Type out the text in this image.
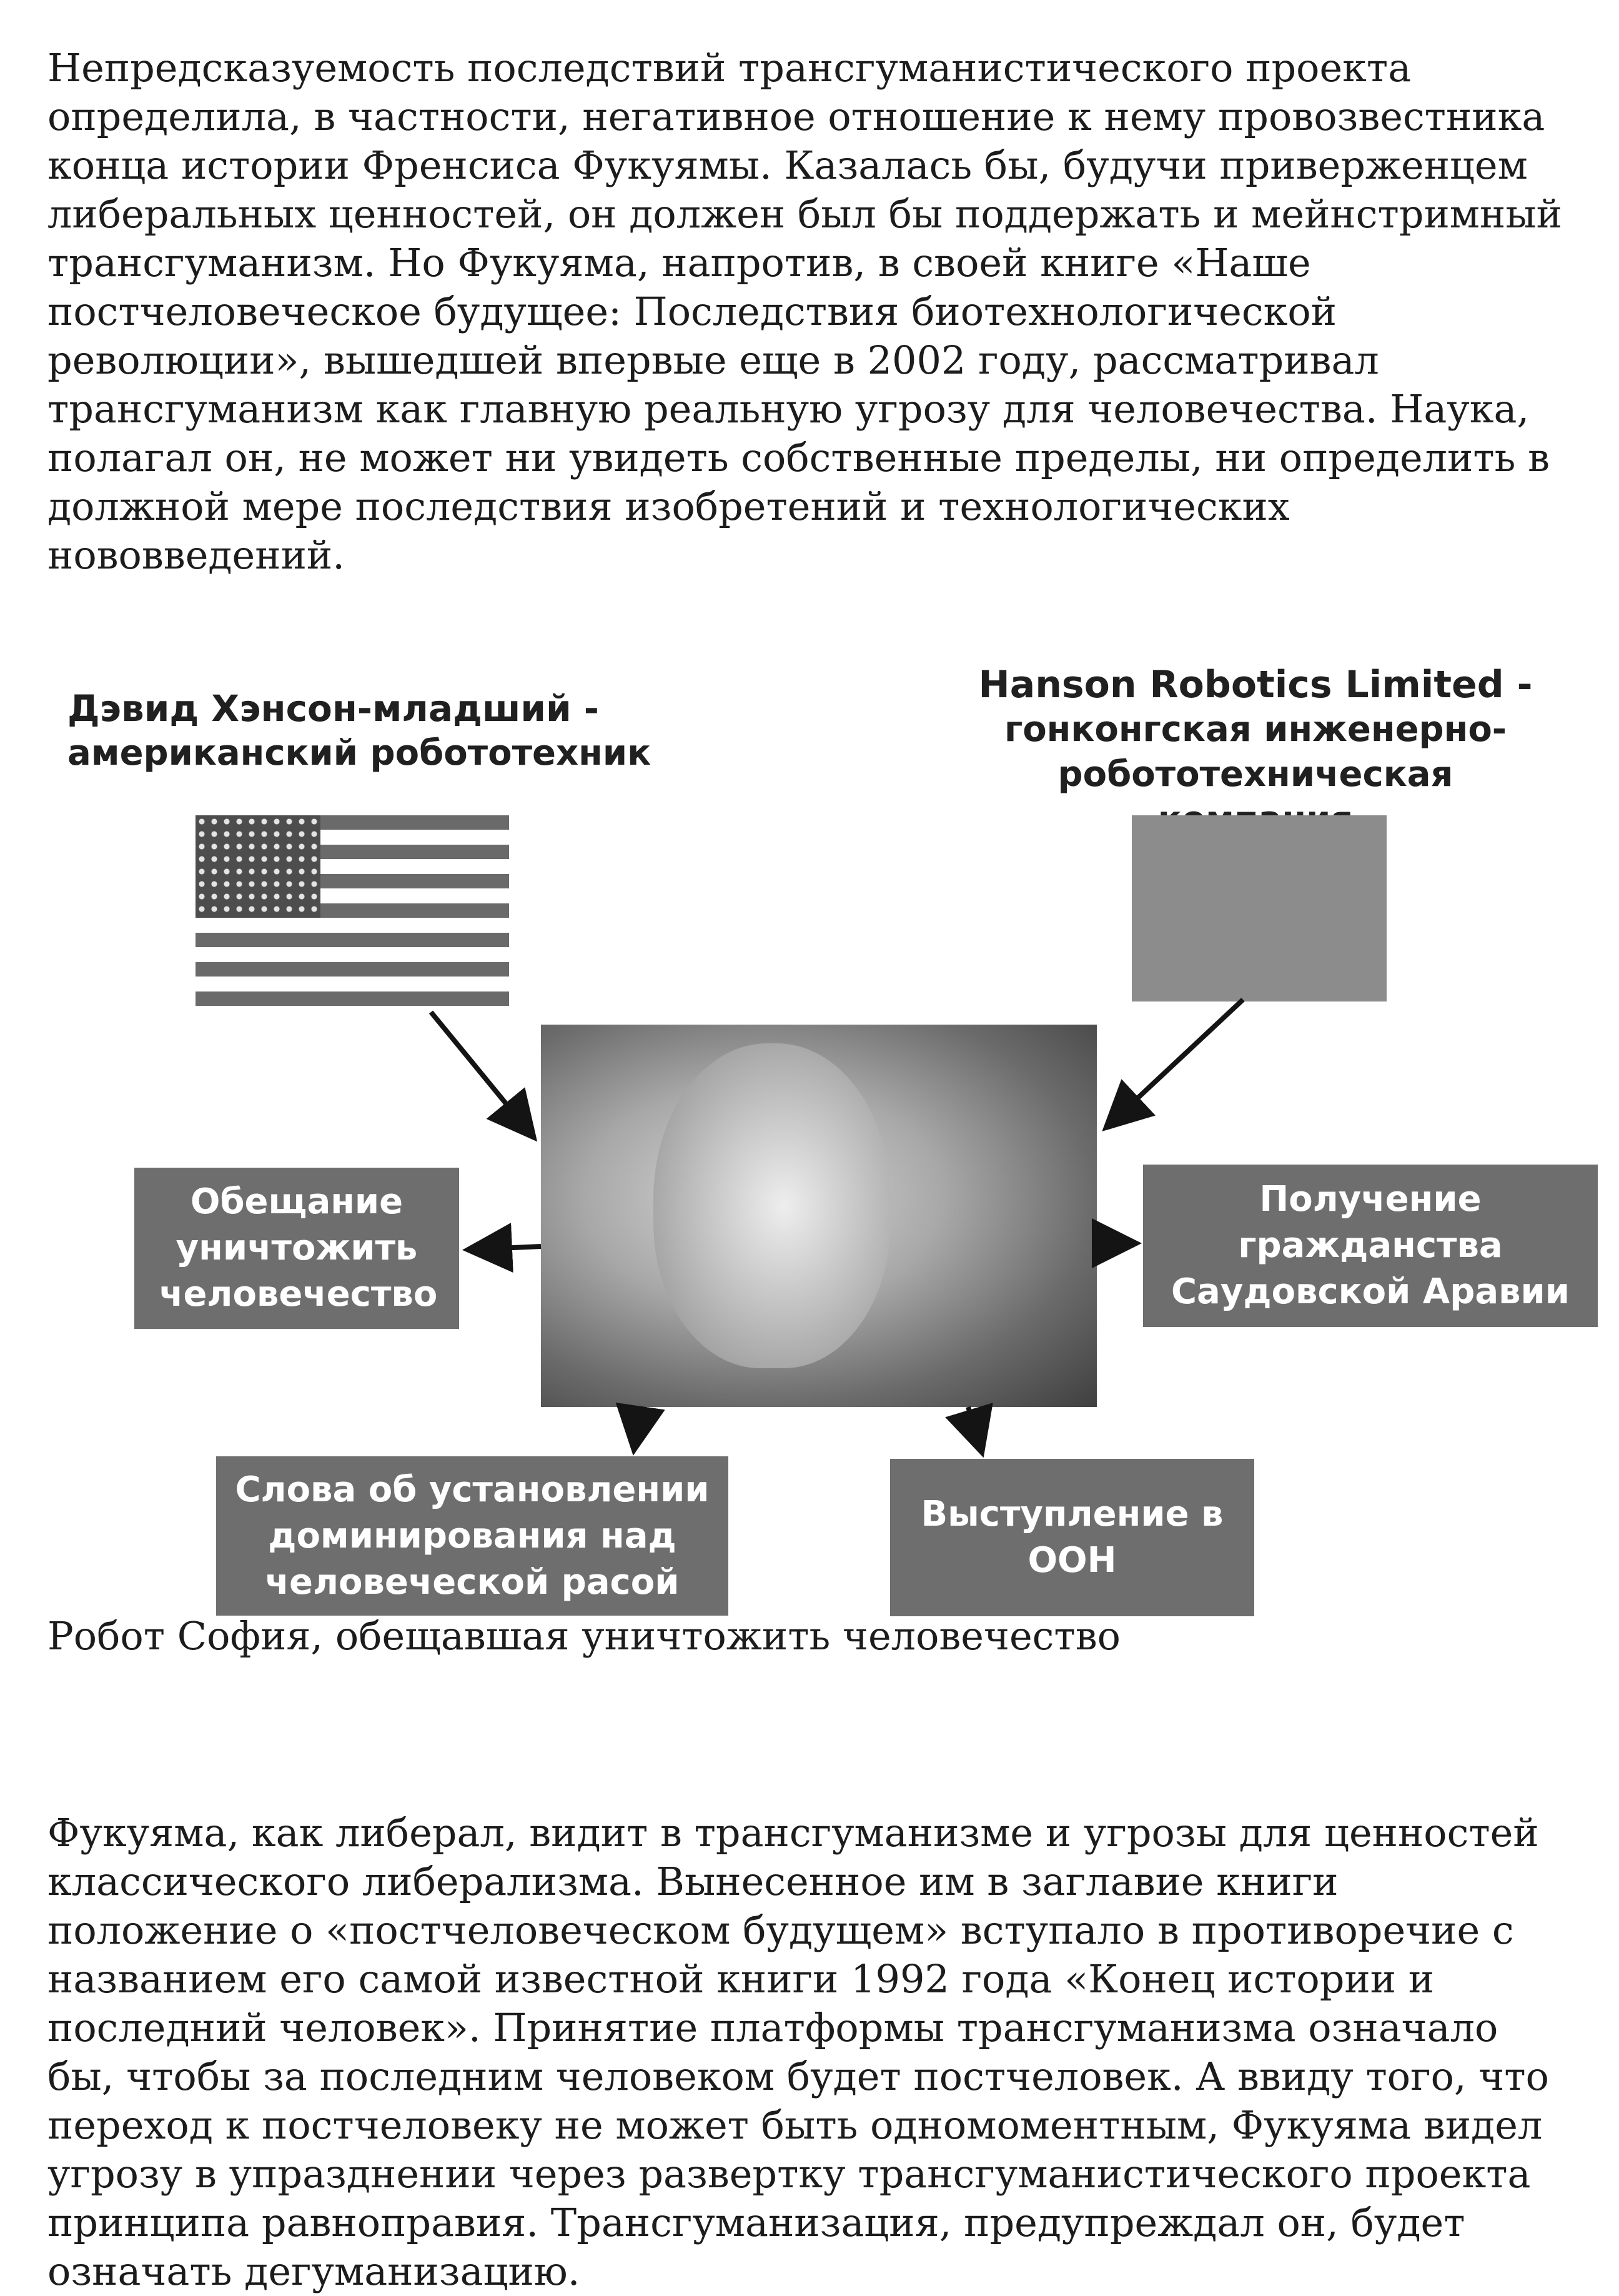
Непредсказуемость последствий трансгуманистического проекта определила, в частности, негативное отношение к нему провозвестника конца истории Френсиса Фукуямы. Казалась бы, будучи приверженцем либеральных ценностей, он должен был бы поддержать и мейнстримный трансгуманизм. Но Фукуяма, напротив, в своей книге «Наше постчеловеческое будущее: Последствия биотехнологической революции», вышедшей впервые еще в 2002 году, рассматривал трансгуманизм как главную реальную угрозу для человечества. Наука, полагал он, не может ни увидеть собственные пределы, ни определить в должной мере последствия изобретений и технологических нововведений.

Дэвид Хэнсон-младший -
американский робототехник
Hanson Robotics Limited -
гонконгская инженерно-
робототехническая
Обещание уничтожить человечество
Получение гражданства Саудовской Аравии
Слова об установлении доминирования над человеческой расой
Выступление в ООН

Робот София, обещавшая уничтожить человечество

Фукуяма, как либерал, видит в трансгуманизме и угрозы для ценностей классического либерализма. Вынесенное им в заглавие книги положение о «постчеловеческом будущем» вступало в противоречие с названием его самой известной книги 1992 года «Конец истории и последний человек». Принятие платформы трансгуманизма означало бы, чтобы за последним человеком будет постчеловек. А ввиду того, что переход к постчеловеку не может быть одномоментным, Фукуяма видел угрозу в упразднении через развертку трансгуманистического проекта принципа равноправия. Трансгуманизация, предупреждал он, будет означать дегуманизацию.
